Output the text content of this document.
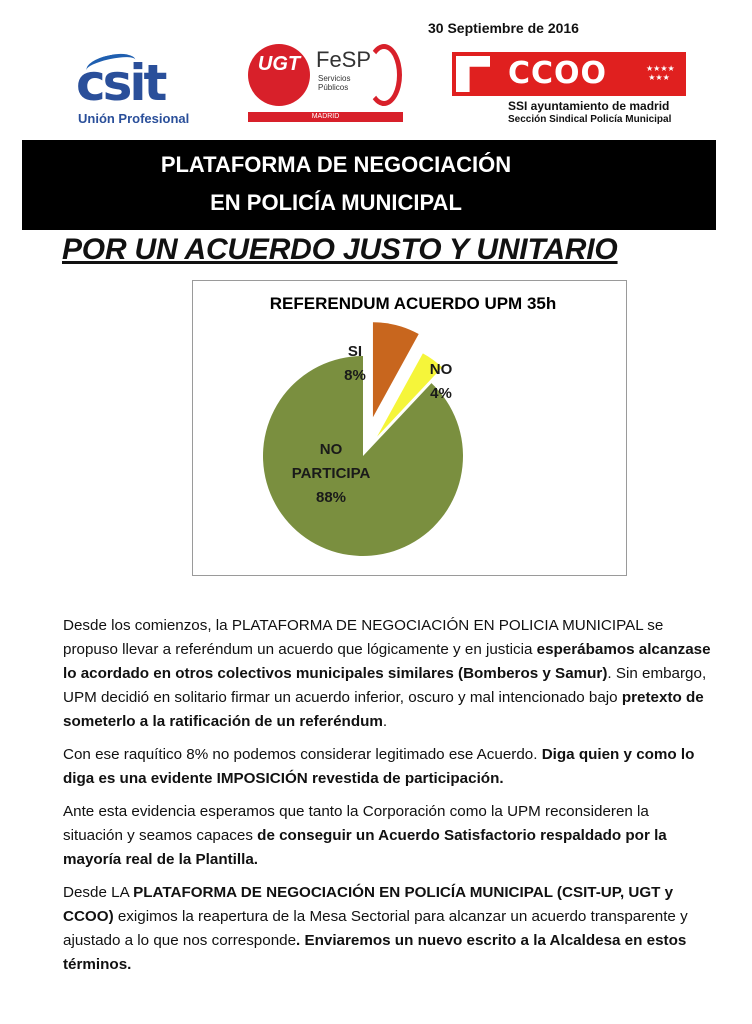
30 Septiembre de 2016
csit
Unión Profesional
UGT FeSP
Servicios Públicos
MADRID
CCOO	★★★★
★★★
SSI ayuntamiento de madrid
Sección Sindical Policía Municipal
PLATAFORMA DE NEGOCIACIÓN
EN POLICÍA MUNICIPAL
POR UN ACUERDO JUSTO Y UNITARIO
REFERENDUM ACUERDO UPM 35h
SI 8%	NO 4%
NO PARTICIPA 88%

Desde los comienzos, la PLATAFORMA DE NEGOCIACIÓN EN POLICIA MUNICIPAL se propuso llevar a referéndum un acuerdo que lógicamente y en justicia esperábamos alcanzase lo acordado en otros colectivos municipales similares (Bomberos y Samur). Sin embargo, UPM decidió en solitario firmar un acuerdo inferior, oscuro y mal intencionado bajo pretexto de someterlo a la ratificación de un referéndum.

Con ese raquítico 8% no podemos considerar legitimado ese Acuerdo. Diga quien y como lo diga es una evidente IMPOSICIÓN revestida de participación.

Ante esta evidencia esperamos que tanto la Corporación como la UPM reconsideren la situación y seamos capaces de conseguir un Acuerdo Satisfactorio respaldado por la mayoría real de la Plantilla.

Desde LA PLATAFORMA DE NEGOCIACIÓN EN POLICÍA MUNICIPAL (CSIT-UP, UGT y CCOO) exigimos la reapertura de la Mesa Sectorial para alcanzar un acuerdo transparente y ajustado a lo que nos corresponde. Enviaremos un nuevo escrito a la Alcaldesa en estos términos.
